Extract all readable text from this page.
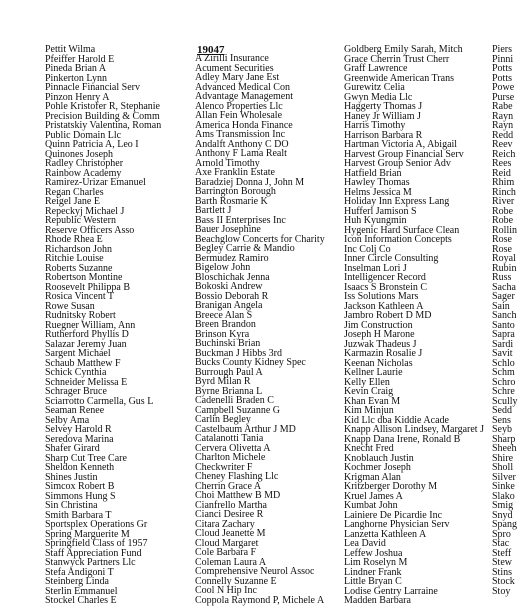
19047
Pettit Wilma
Pfeiffer Harold E
Pineda Brian A
Pinkerton Lynn
Pinnacle Financial Serv
Pinzon Henry A
Pohle Kristofer R, Stephanie
Precision Building & Comm
Pristatskiy Valentina, Roman
Public Domain Llc
Quinn Patricia A, Leo I
Quinones Joseph
Radley Christopher
Rainbow Academy
Ramirez-Urizar Emanuel
Regan Charles
Reigel Jane E
Repeckyj Michael J
Republic Western
Reserve Officers Asso
Rhode Rhea E
Richardson John
Ritchie Louise
Roberts Suzanne
Robertson Montine
Roosevelt Philippa B
Rosica Vincent T
Rowe Susan
Rudnitsky Robert
Ruegner William, Ann
Rutherford Phyllis D
Salazar Jeremy Juan
Sargent Michael
Schaub Matthew F
Schick Cynthia
Schneider Melissa E
Schrager Bruce
Sciarrotto Carmella, Gus L
Seaman Renee
Selby Ama
Selvey Harold R
Seredova Marina
Shafer Girard
Sharp Cut Tree Care
Sheldon Kenneth
Shines Justin
Simcox Robert B
Simmons Hung S
Sin Christina
Smith Barbara T
Sportsplex Operations Gr
Spring Marguerite M
Springfield Class of 1957
Staff Appreciation Fund
Stanwyck Partners Llc
Stefa Andigoni T
Steinberg Linda
Sterlin Emmanuel
Stockel Charles E
A Zirilli Insurance
Acument Securities
Adley Mary Jane Est
Advanced Medical Con
Advantage Management
Alenco Properties Llc
Allan Fein Wholesale
America Honda Finance
Ams Transmission Inc
Andalft Anthony C DO
Anthony F Lama Realt
Arnold Timothy
Axe Franklin Estate
Baradziej Donna J, John M
Barrington Borough
Barth Rosmarie K
Bartlett J
Bass II Enterprises Inc
Bauer Josephine
Beachglow Concerts for Charity
Begley Carrie & Mandio
Bermudez Ramiro
Bigelow John
Bloschichak Jenna
Bokoski Andrew
Bossio Deborah R
Branigan Angela
Breece Alan S
Breen Brandon
Brinson Kyra
Buchinski Brian
Buckman J Hibbs 3rd
Bucks County Kidney Spec
Burrough Paul A
Byrd Milan R
Byrne Brianna L
Cadenelli Braden C
Campbell Suzanne G
Carlin Begley
Castelbaum Arthur J MD
Catalanotti Tania
Cervera Olivetta A
Charlton Michele
Checkwriter F
Cheney Flashing Llc
Cherrin Grace A
Choi Matthew B MD
Cianfrello Martha
Cianci Desiree R
Citara Zachary
Cloud Jeanette M
Cloud Margaret
Cole Barbara F
Coleman Laura A
Comprehensive Neurol Assoc
Connelly Suzanne E
Cool N Hip Inc
Coppola Raymond P, Michele A
Goldberg Emily Sarah, Mitch
Grace Cherrin Trust Cherr
Graff Lawrence
Greenwide American Trans
Gurewitz Celia
Gwyn Media Llc
Haggerty Thomas J
Haney Jr William J
Harris Timothy
Harrison Barbara R
Hartman Victoria A, Abigail
Harvest Group Financial Serv
Harvest Group Senior Adv
Hatfield Brian
Hawley Thomas
Helms Jessica M
Holiday Inn Express Lang
Hufferl Jamison S
Huh Kyungmin
Hygenic Hard Surface Clean
Icon Information Concepts
Inc Colj Co
Inner Circle Consulting
Inselman Lori J
Intelligencer Record
Isaacs S Bronstein C
Iss Solutions Mars
Jackson Kathleen A
Jambro Robert D MD
Jim Construction
Joseph H Marone
Juzwak Thadeus J
Karmazin Rosalie J
Keenan Nicholas
Kellner Laurie
Kelly Ellen
Kevin Craig
Khan Evan M
Kim Minjun
Kid Llc dba Kiddie Acade
Knapp Allison Lindsey, Margaret J
Knapp Dana Irene, Ronald B
Knecht Fred
Knoblauch Justin
Kochmer Joseph
Krigman Alan
Kritzberger Dorothy M
Kruel James A
Kumbat John
Lainiere De Picardie Inc
Langhorne Physician Serv
Lanzetta Kathleen A
Lea David
Leffew Joshua
Lim Roselyn M
Lindner Frank
Little Bryan C
Lodise Gentry Larraine
Madden Barbara
Piers
Pinni
Potts
Potts
Powe
Purse
Rabe
Rayn
Rayn
Redd
Reev
Reich
Rees
Reid
Rhim
Rinch
River
Robe
Robe
Rollin
Rose
Rose
Royal
Rubin
Russ
Sacha
Sager
Sain
Sanch
Santo
Sapra
Sardi
Savit
Schlo
Schm
Schro
Schre
Scully
Sedd
Sens
Seyb
Sharp
Sheeh
Shire
Sholl
Silver
Sinke
Slako
Smig
Snyd
Spang
Spro
Stac
Steff
Stew
Stins
Stock
Stoy
